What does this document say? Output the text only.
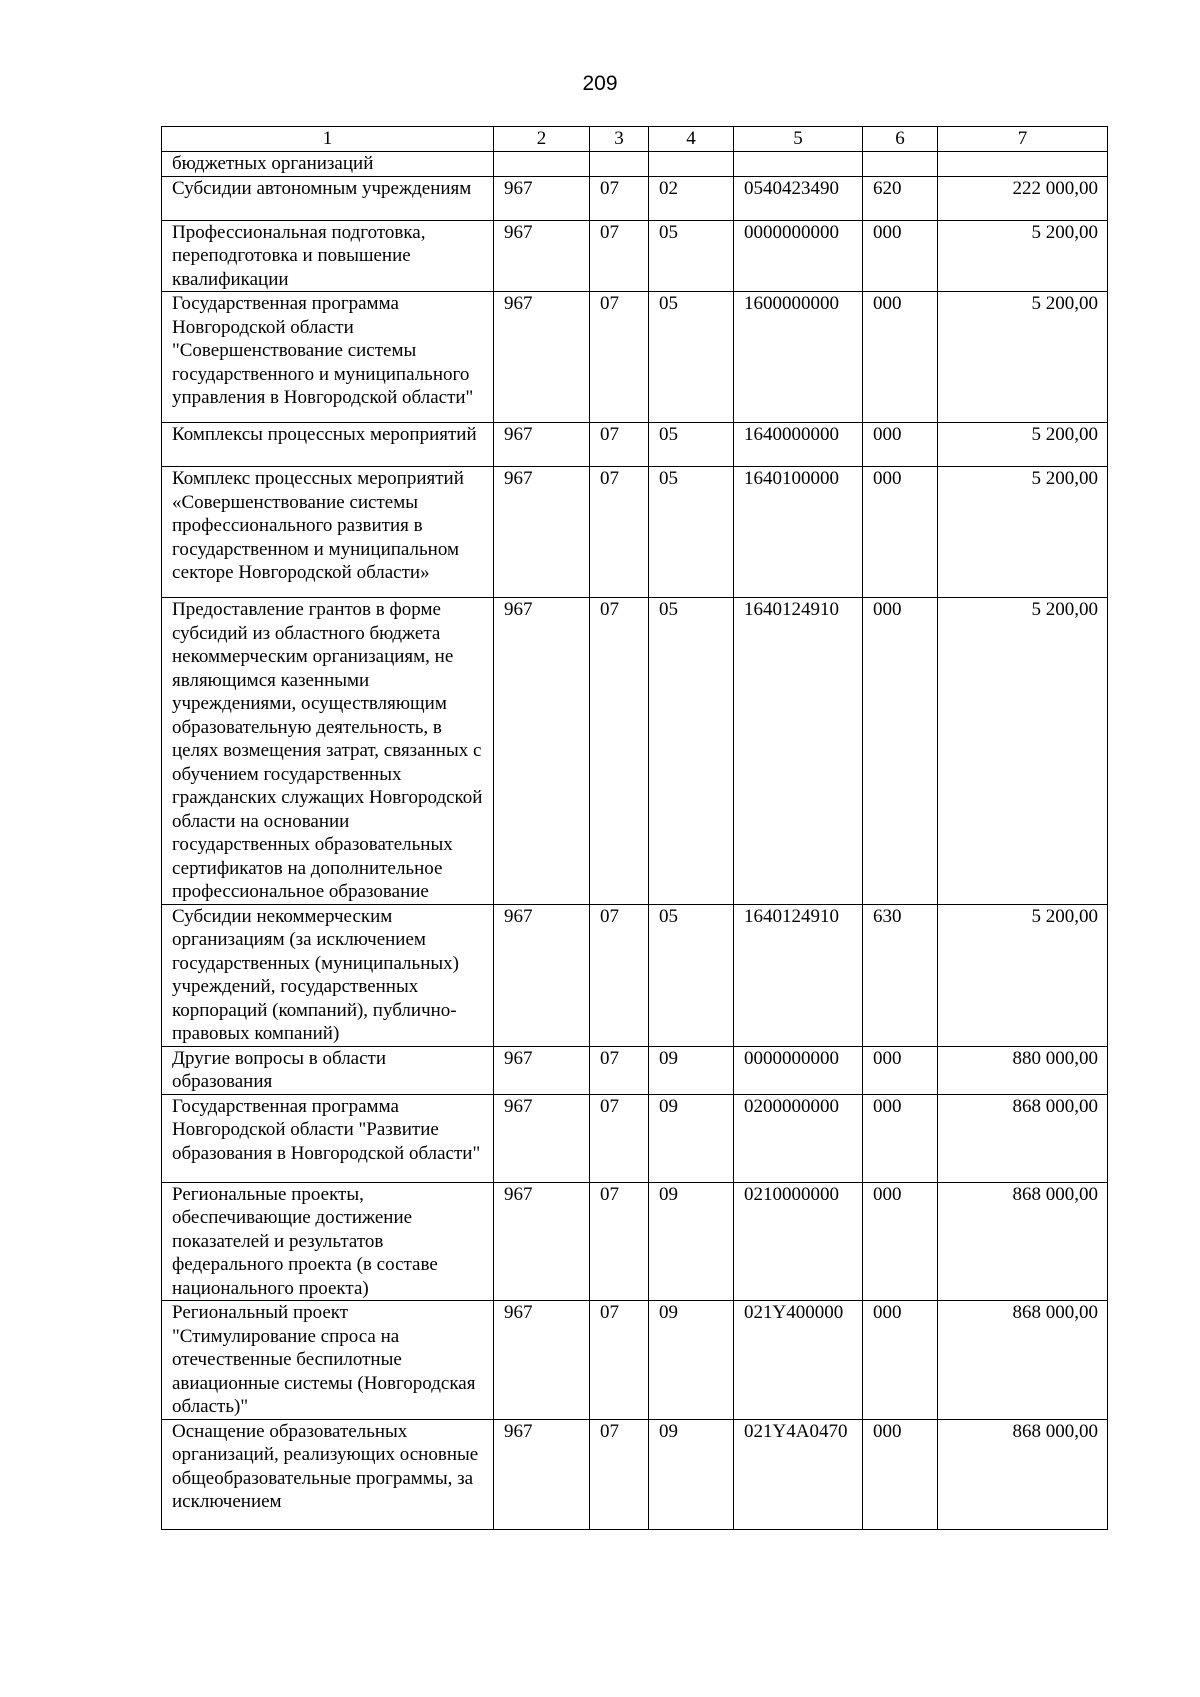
209
1	2	3	4	5	6	7
бюджетных организаций						
Субсидии автономным учреждениям	967	07	02	0540423490	620	222 000,00
Профессиональная подготовка, переподготовка и повышение квалификации	967	07	05	0000000000	000	5 200,00
Государственная программа Новгородской области "Совершенствование системы государственного и муниципального управления в Новгородской области"	967	07	05	1600000000	000	5 200,00
Комплексы процессных мероприятий	967	07	05	1640000000	000	5 200,00
Комплекс процессных мероприятий «Совершенствование системы профессионального развития в государственном и муниципальном секторе Новгородской области»	967	07	05	1640100000	000	5 200,00
Предоставление грантов в форме субсидий из областного бюджета некоммерческим организациям, не являющимся казенными учреждениями, осуществляющим образовательную деятельность, в целях возмещения затрат, связанных с обучением государственных гражданских служащих Новгородской области на основании государственных образовательных сертификатов на дополнительное профессиональное образование	967	07	05	1640124910	000	5 200,00
Субсидии некоммерческим организациям (за исключением государственных (муниципальных) учреждений, государственных корпораций (компаний), публично-правовых компаний)	967	07	05	1640124910	630	5 200,00
Другие вопросы в области образования	967	07	09	0000000000	000	880 000,00
Государственная программа Новгородской области "Развитие образования в Новгородской области"	967	07	09	0200000000	000	868 000,00
Региональные проекты, обеспечивающие достижение показателей и результатов федерального проекта (в составе национального проекта)	967	07	09	0210000000	000	868 000,00
Региональный проект "Стимулирование спроса на отечественные беспилотные авиационные системы (Новгородская область)"	967	07	09	021Y400000	000	868 000,00
Оснащение образовательных организаций, реализующих основные общеобразовательные программы, за исключением	967	07	09	021Y4A0470	000	868 000,00
